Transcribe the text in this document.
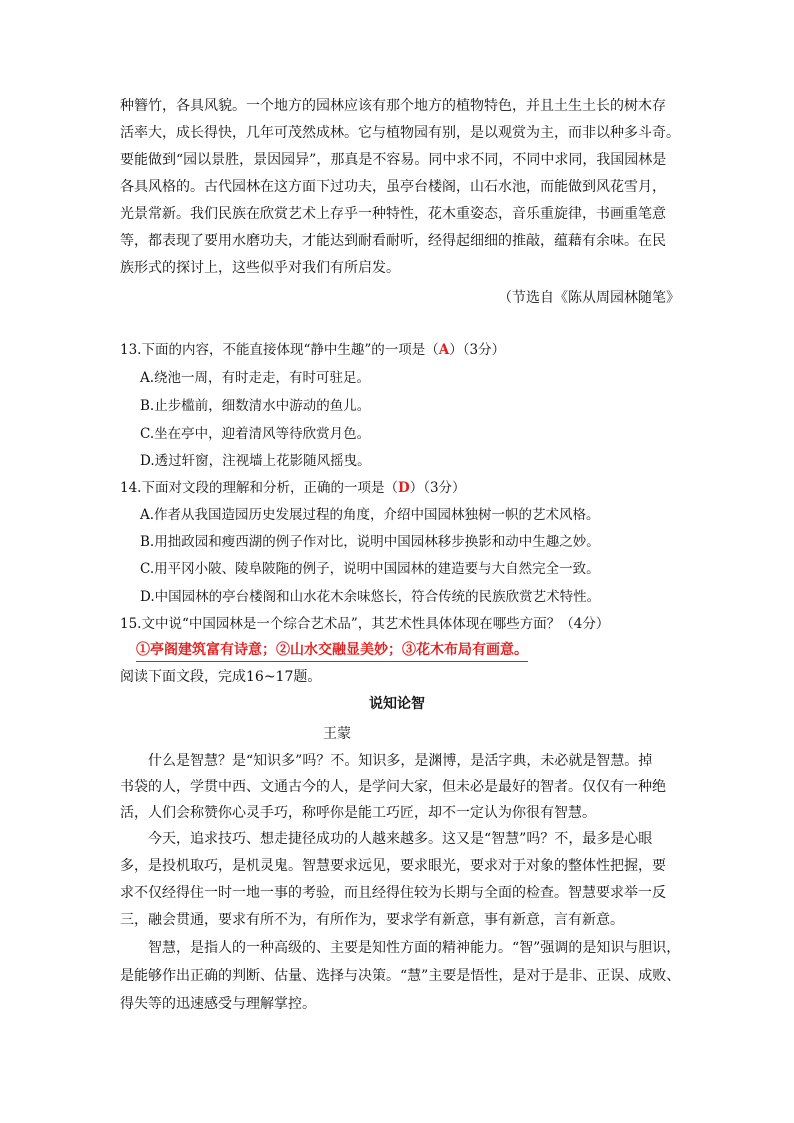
种簪竹，各具风貌。一个地方的园林应该有那个地方的植物特色，并且土生土长的树木存
活率大，成长得快，几年可茂然成林。它与植物园有别，是以观赏为主，而非以种多斗奇。
要能做到“园以景胜，景因园异”，那真是不容易。同中求不同，不同中求同，我国园林是
各具风格的。古代园林在这方面下过功夫，虽亭台楼阁，山石水池，而能做到风花雪月，
光景常新。我们民族在欣赏艺术上存乎一种特性，花木重姿态，音乐重旋律，书画重笔意
等，都表现了要用水磨功夫，才能达到耐看耐听，经得起细细的推敲，蕴藉有余味。在民
族形式的探讨上，这些似乎对我们有所启发。
（节选自《陈从周园林随笔》
13.下面的内容，不能直接体现“静中生趣”的一项是（A）（3分）
A.绕池一周，有时走走，有时可驻足。
B.止步槛前，细数清水中游动的鱼儿。
C.坐在亭中，迎着清风等待欣赏月色。
D.透过轩窗，注视墙上花影随风摇曳。
14.下面对文段的理解和分析，正确的一项是（D）（3分）
A.作者从我国造园历史发展过程的角度，介绍中国园林独树一帜的艺术风格。
B.用拙政园和瘦西湖的例子作对比，说明中国园林移步换影和动中生趣之妙。
C.用平冈小陂、陵阜陂陁的例子，说明中国园林的建造要与大自然完全一致。
D.中国园林的亭台楼阁和山水花木余味悠长，符合传统的民族欣赏艺术特性。
15.文中说“中国园林是一个综合艺术品”，其艺术性具体体现在哪些方面？（4分）
①亭阁建筑富有诗意；②山水交融显美妙；③花木布局有画意。
阅读下面文段，完成16~17题。
说知论智
王蒙
什么是智慧？是“知识多”吗？不。知识多，是渊博，是活字典，未必就是智慧。掉
书袋的人，学贯中西、文通古今的人，是学问大家，但未必是最好的智者。仅仅有一种绝
活，人们会称赞你心灵手巧，称呼你是能工巧匠，却不一定认为你很有智慧。
今天，追求技巧、想走捷径成功的人越来越多。这又是“智慧”吗？不，最多是心眼
多，是投机取巧，是机灵鬼。智慧要求远见，要求眼光，要求对于对象的整体性把握，要
求不仅经得住一时一地一事的考验，而且经得住较为长期与全面的检查。智慧要求举一反
三，融会贯通，要求有所不为，有所作为，要求学有新意，事有新意，言有新意。
智慧，是指人的一种高级的、主要是知性方面的精神能力。“智”强调的是知识与胆识，
是能够作出正确的判断、估量、选择与决策。“慧”主要是悟性，是对于是非、正误、成败、
得失等的迅速感受与理解掌控。
